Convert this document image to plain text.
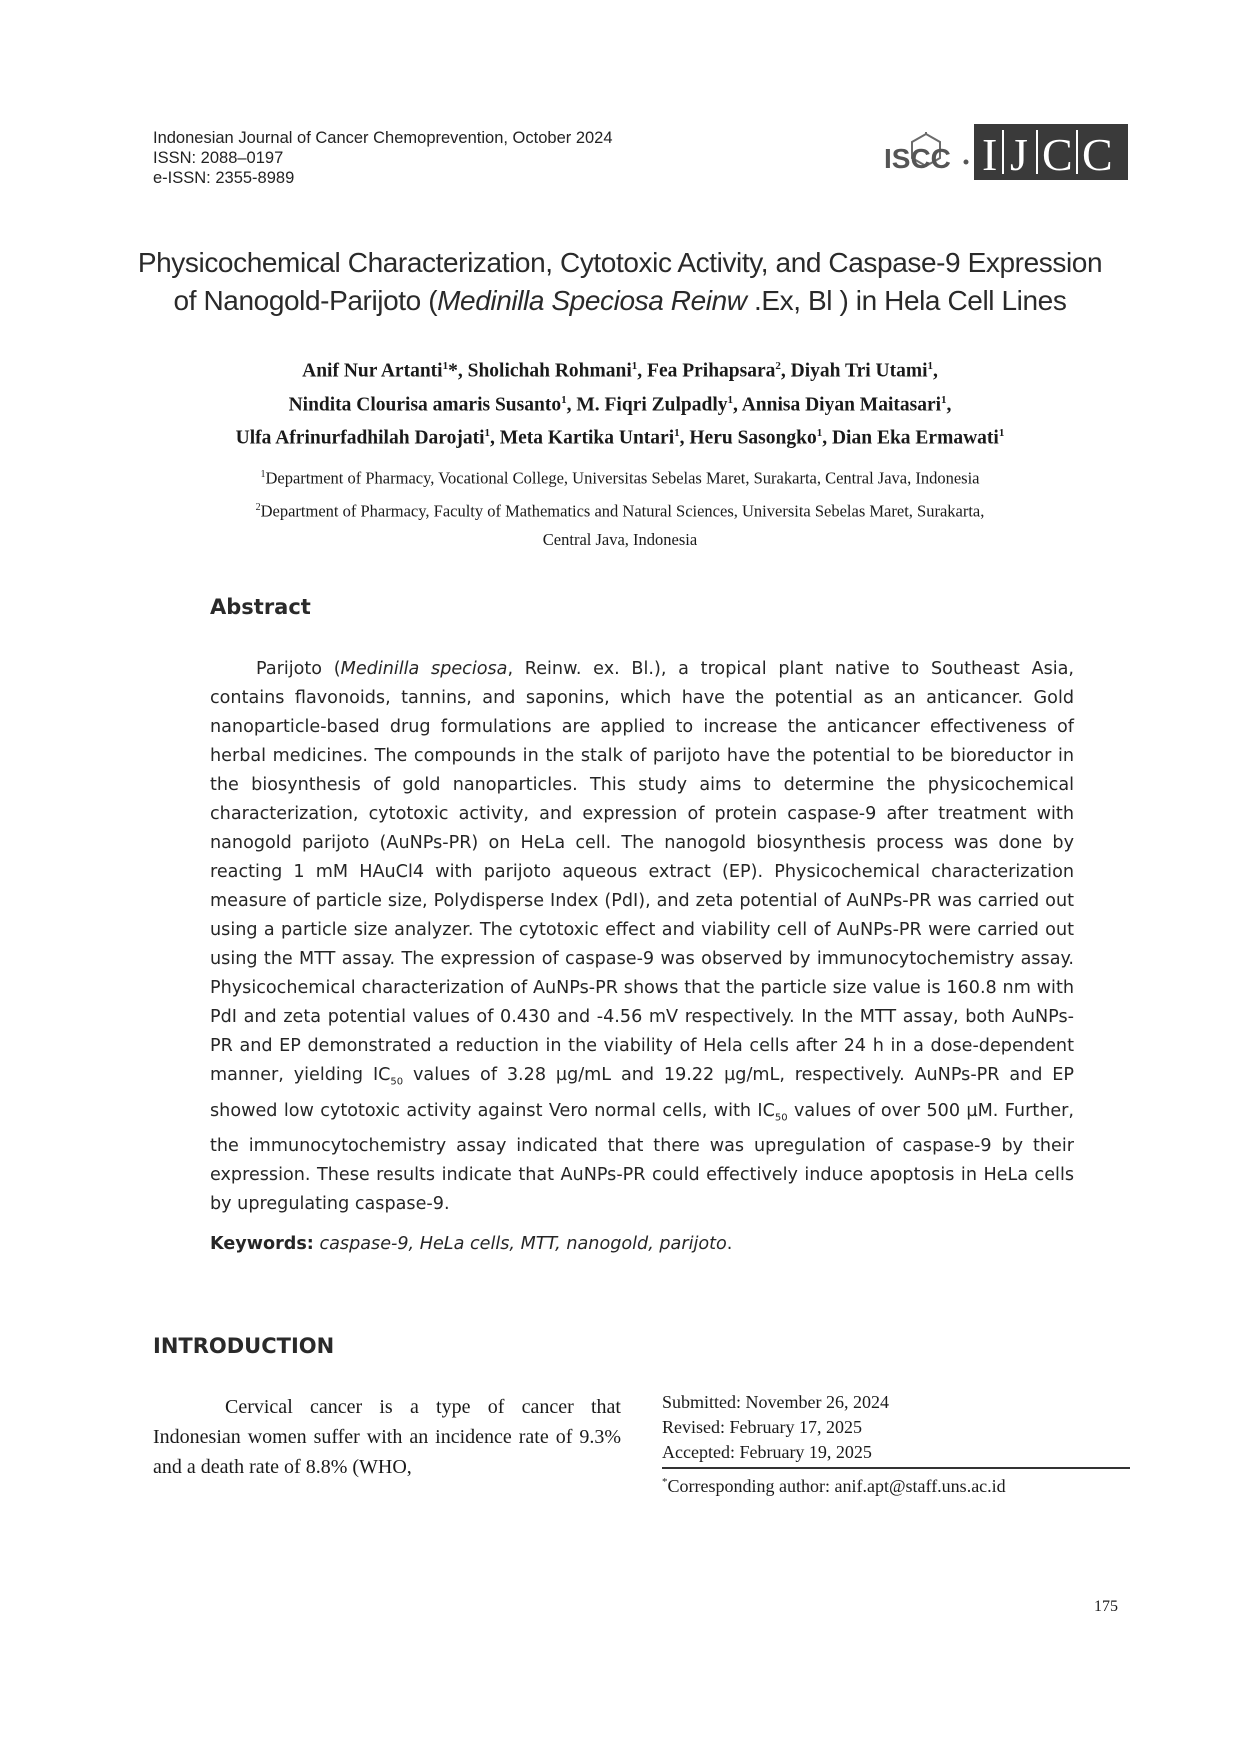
Indonesian Journal of Cancer Chemoprevention, October 2024
ISSN: 2088–0197
e-ISSN: 2355-8989
ISCC I J C C
Physicochemical Characterization, Cytotoxic Activity, and Caspase-9 Expression
of Nanogold-Parijoto (Medinilla Speciosa Reinw .Ex, Bl ) in Hela Cell Lines
Anif Nur Artanti$^1$*, Sholichah Rohmani$^1$, Fea Prihapsara$^2$, Diyah Tri Utami$^1$,
Nindita Clourisa amaris Susanto$^1$, M. Fiqri Zulpadly$^1$, Annisa Diyan Maitasari$^1$,
Ulfa Afrinurfadhilah Darojati$^1$, Meta Kartika Untari$^1$, Heru Sasongko$^1$, Dian Eka Ermawati$^1$
$^1$Department of Pharmacy, Vocational College, Universitas Sebelas Maret, Surakarta, Central Java, Indonesia
$^2$Department of Pharmacy, Faculty of Mathematics and Natural Sciences, Universita Sebelas Maret, Surakarta,
Central Java, Indonesia
Abstract

Parijoto (Medinilla speciosa, Reinw. ex. Bl.), a tropical plant native to Southeast Asia, contains flavonoids, tannins, and saponins, which have the potential as an anticancer. Gold nanoparticle-based drug formulations are applied to increase the anticancer effectiveness of herbal medicines. The compounds in the stalk of parijoto have the potential to be bioreductor in the biosynthesis of gold nanoparticles. This study aims to determine the physicochemical characterization, cytotoxic activity, and expression of protein caspase-9 after treatment with nanogold parijoto (AuNPs-PR) on HeLa cell. The nanogold biosynthesis process was done by reacting 1 mM HAuCl4 with parijoto aqueous extract (EP). Physicochemical characterization measure of particle size, Polydisperse Index (PdI), and zeta potential of AuNPs-PR was carried out using a particle size analyzer. The cytotoxic effect and viability cell of AuNPs-PR were carried out using the MTT assay. The expression of caspase-9 was observed by immunocytochemistry assay. Physicochemical characterization of AuNPs-PR shows that the particle size value is 160.8 nm with PdI and zeta potential values of 0.430 and -4.56 mV respectively. In the MTT assay, both AuNPs-PR and EP demonstrated a reduction in the viability of Hela cells after 24 h in a dose-dependent manner, yielding $IC_{50}$ values of 3.28 µg/mL and 19.22 µg/mL, respectively. AuNPs-PR and EP showed low cytotoxic activity against Vero normal cells, with $IC_{50}$ values of over 500 µM. Further, the immunocytochemistry assay indicated that there was upregulation of caspase-9 by their expression. These results indicate that AuNPs-PR could effectively induce apoptosis in HeLa cells by upregulating caspase-9.

Keywords: caspase-9, HeLa cells, MTT, nanogold, parijoto.
INTRODUCTION

Cervical cancer is a type of cancer that Indonesian women suffer with an incidence rate of 9.3% and a death rate of 8.8% (WHO,

Submitted: November 26, 2024
Revised: February 17, 2025
Accepted: February 19, 2025
*Corresponding author: anif.apt@staff.uns.ac.id
175
